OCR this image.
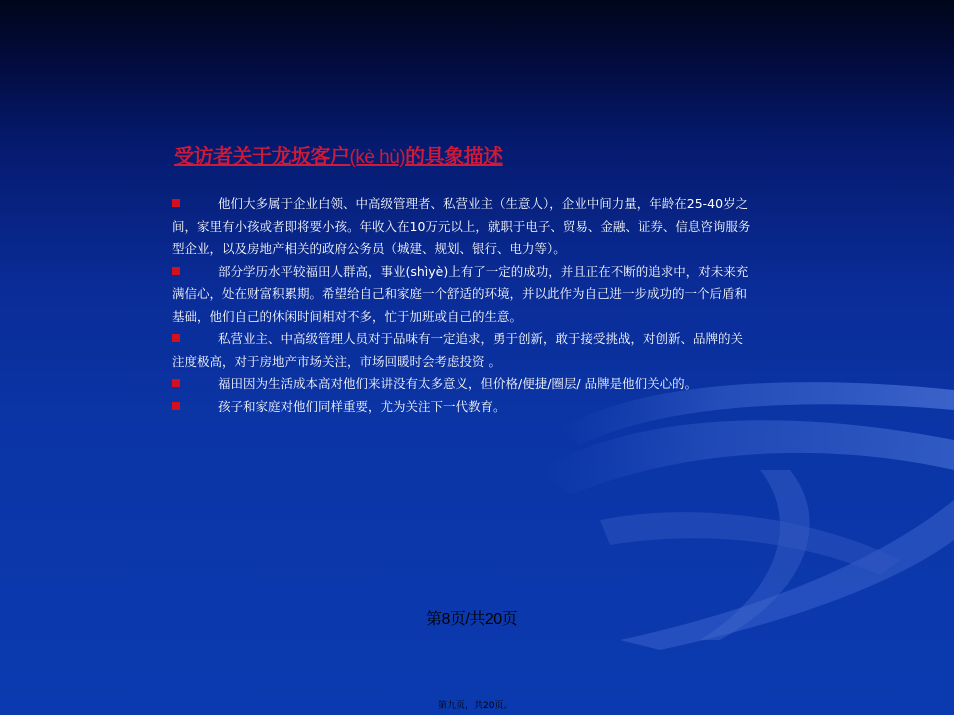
受访者关于龙坂客户(kè hù)的具象描述
他们大多属于企业白领、中高级管理者、私营业主（生意人），企业中间力量，年龄在25-40岁之间，家里有小孩或者即将要小孩。年收入在10万元以上，就职于电子、贸易、金融、证券、信息咨询服务型企业，以及房地产相关的政府公务员（城建、规划、银行、电力等）。
部分学历水平较福田人群高，事业(shìyè)上有了一定的成功，并且正在不断的追求中，对未来充满信心，处在财富积累期。希望给自己和家庭一个舒适的环境，并以此作为自己进一步成功的一个后盾和基础，他们自己的休闲时间相对不多，忙于加班或自己的生意。
私营业主、中高级管理人员对于品味有一定追求，勇于创新，敢于接受挑战，对创新、品牌的关注度极高，对于房地产市场关注，市场回暖时会考虑投资 。
福田因为生活成本高对他们来讲没有太多意义，但价格/便捷/圈层/ 品牌是他们关心的。
孩子和家庭对他们同样重要，尤为关注下一代教育。
第8页/共20页
第九页，共20页。
